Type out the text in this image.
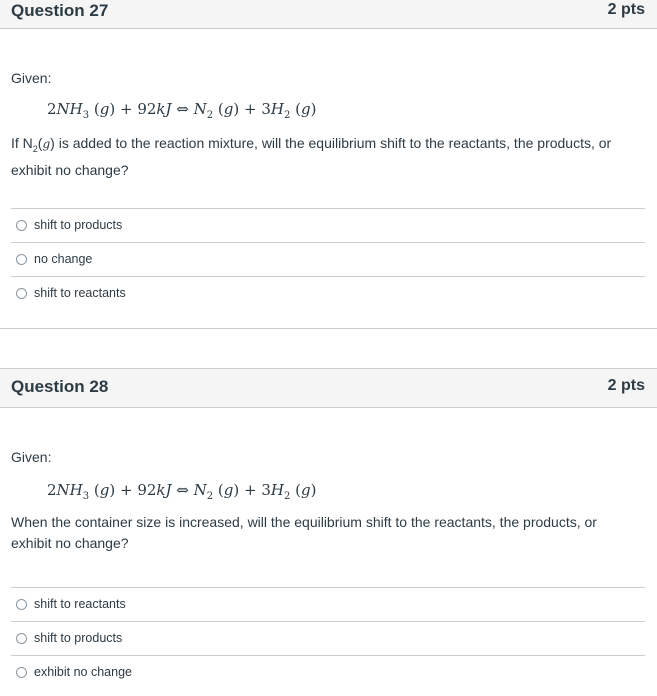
Question 27	2 pts
Given:
$2NH_3$ (g) + 92kJ ⇔ $N_2$ $(g) + 3H_2$ (g)
If $N_2(g)$ is added to the reaction mixture, will the equilibrium shift to the reactants, the products, or exhibit no change?
shift to products
no change
shift to reactants
Question 28	2 pts
Given:
$2NH_3$ (g) + 92kJ ⇔ $N_2$ $(g) + 3H_2$ (g)
When the container size is increased, will the equilibrium shift to the reactants, the products, or exhibit no change?
shift to reactants
shift to products
exhibit no change
